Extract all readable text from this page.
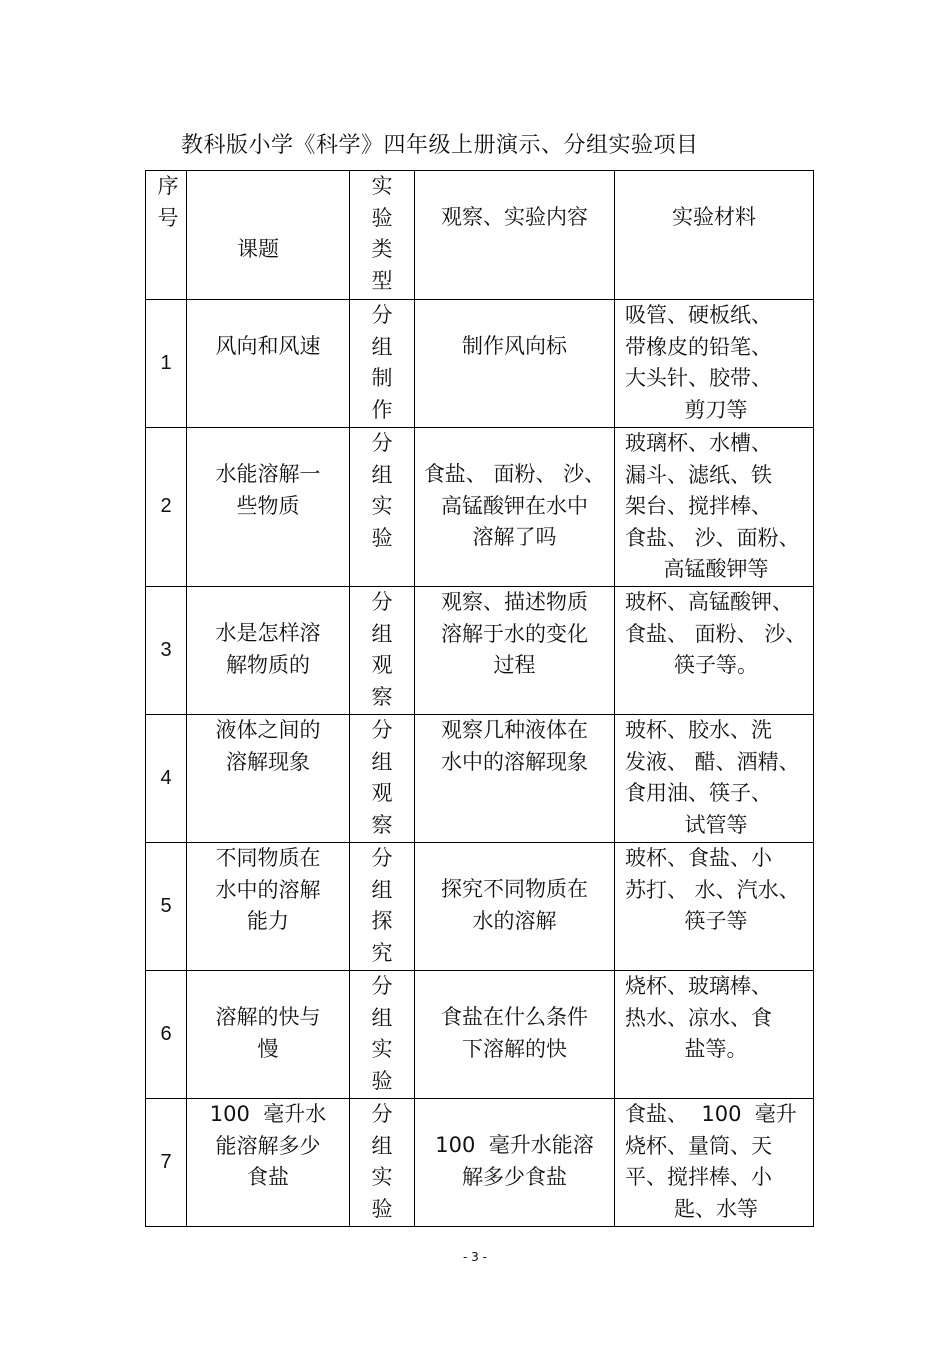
教科版小学《科学》四年级上册演示、分组实验项目
序
号	课题	实
验
类
型	观察、实验内容	实验材料

1	风向和风速	分
组
制
作	制作风向标	吸管、硬板纸、
带橡皮的铅笔、
大头针、胶带、
剪刀等

2	水能溶解一
些物质	分
组
实
验	食盐、 面粉、 沙、
高锰酸钾在水中
溶解了吗	玻璃杯、水槽、
漏斗、滤纸、铁
架台、搅拌棒、
食盐、 沙、面粉、
高锰酸钾等

3	水是怎样溶
解物质的	分
组
观
察	观察、描述物质
溶解于水的变化
过程	玻杯、高锰酸钾、
食盐、 面粉、 沙、
筷子等。

4	液体之间的
溶解现象	分
组
观
察	观察几种液体在
水中的溶解现象	玻杯、胶水、洗
发液、 醋、酒精、
食用油、筷子、
试管等

5	不同物质在
水中的溶解
能力	分
组
探
究	探究不同物质在
水的溶解	玻杯、食盐、小
苏打、 水、汽水、
筷子等

6	溶解的快与
慢	分
组
实
验	食盐在什么条件
下溶解的快	烧杯、玻璃棒、
热水、凉水、食
盐等。

7	100  毫升水
能溶解多少
食盐	分
组
实
验	100  毫升水能溶
解多少食盐	食盐、  100  毫升
烧杯、量筒、天
平、搅拌棒、小
匙、水等
- 3 -
